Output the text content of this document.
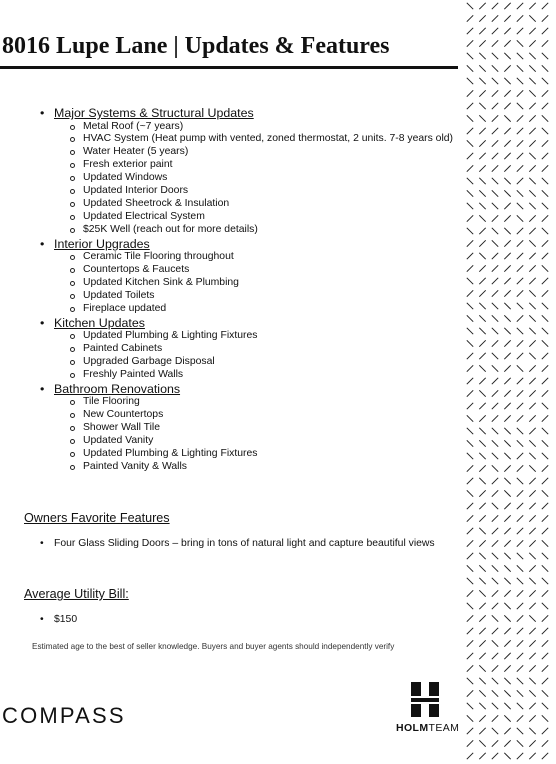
8016 Lupe Lane | Updates & Features
• Major Systems & Structural Updates
Metal Roof (~7 years)
HVAC System (Heat pump with vented, zoned thermostat, 2 units. 7-8 years old)
Water Heater (5 years)
Fresh exterior paint
Updated Windows
Updated Interior Doors
Updated Sheetrock & Insulation
Updated Electrical System
$25K Well (reach out for more details)
• Interior Upgrades
Ceramic Tile Flooring throughout
Countertops & Faucets
Updated Kitchen Sink & Plumbing
Updated Toilets
Fireplace updated
• Kitchen Updates
Updated Plumbing & Lighting Fixtures
Painted Cabinets
Upgraded Garbage Disposal
Freshly Painted Walls
• Bathroom Renovations
Tile Flooring
New Countertops
Shower Wall Tile
Updated Vanity
Updated Plumbing & Lighting Fixtures
Painted Vanity & Walls
Owners Favorite Features
• Four Glass Sliding Doors – bring in tons of natural light and capture beautiful views
Average Utility Bill:
• $150
Estimated age to the best of seller knowledge. Buyers and buyer agents should independently verify
COMPASS	HOLMTEAM
